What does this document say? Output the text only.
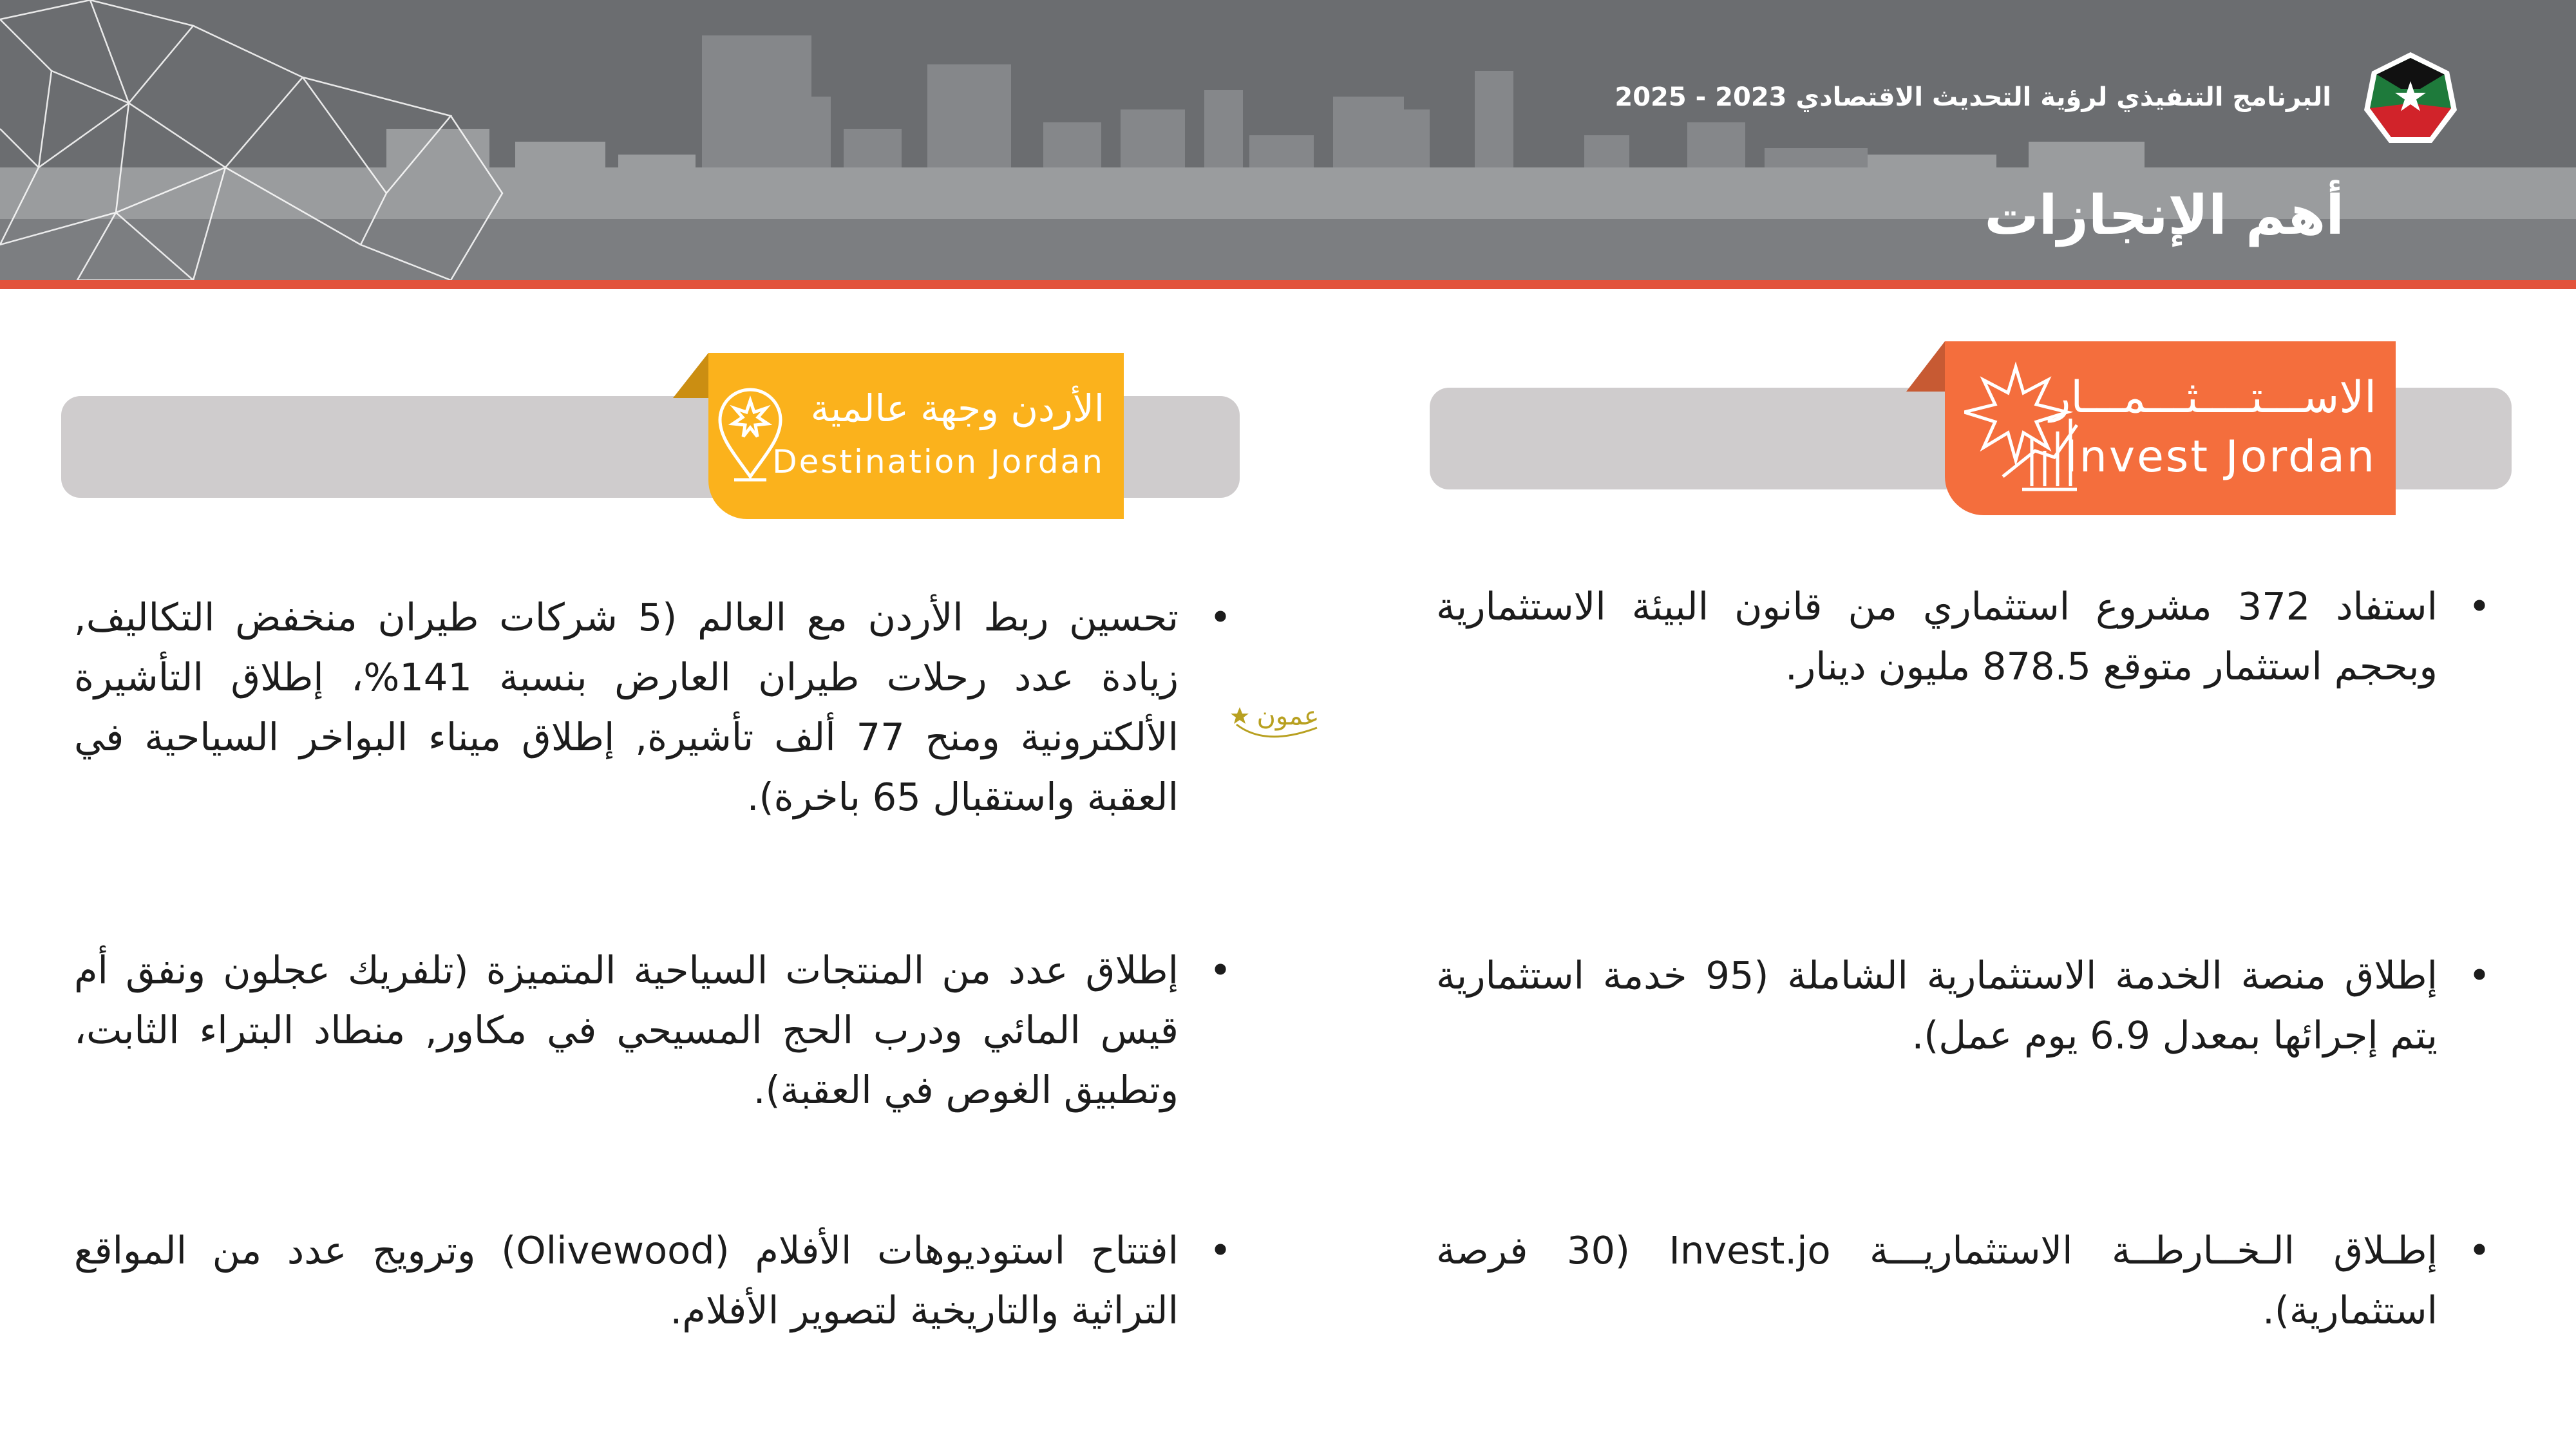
البرنامج التنفيذي لرؤية التحديث الاقتصادي 2023 - 2025
أهم الإنجازات
الاســـتــــثـــمـــار
Invest Jordan
الأردن وجهة عالمية
Destination Jordan
•
استفاد 372 مشروع استثماري من قانون البيئة الاستثمارية وبحجم استثمار متوقع 878.5 مليون دينار.
•
إطلاق منصة الخدمة الاستثمارية الشاملة (95 خدمة استثمارية يتم إجرائها بمعدل 6.9 يوم عمل).
•
إطـلاق الـخــارطــة الاستثماريـــة Invest.jo (30 فرصة استثمارية).
•
تحسين ربط الأردن مع العالم (5 شركات طيران منخفض التكاليف, زيادة عدد رحلات طيران العارض بنسبة 141%، إطلاق التأشيرة الألكترونية ومنح 77 ألف تأشيرة, إطلاق ميناء البواخر السياحية في العقبة واستقبال 65 باخرة).
•
إطلاق عدد من المنتجات السياحية المتميزة (تلفريك عجلون ونفق أم قيس المائي ودرب الحج المسيحي في مكاور, منطاد البتراء الثابت، وتطبيق الغوص في العقبة).
•
افتتاح استوديوهات الأفلام (Olivewood) وترويج عدد من المواقع التراثية والتاريخية لتصوير الأفلام.
عمون
